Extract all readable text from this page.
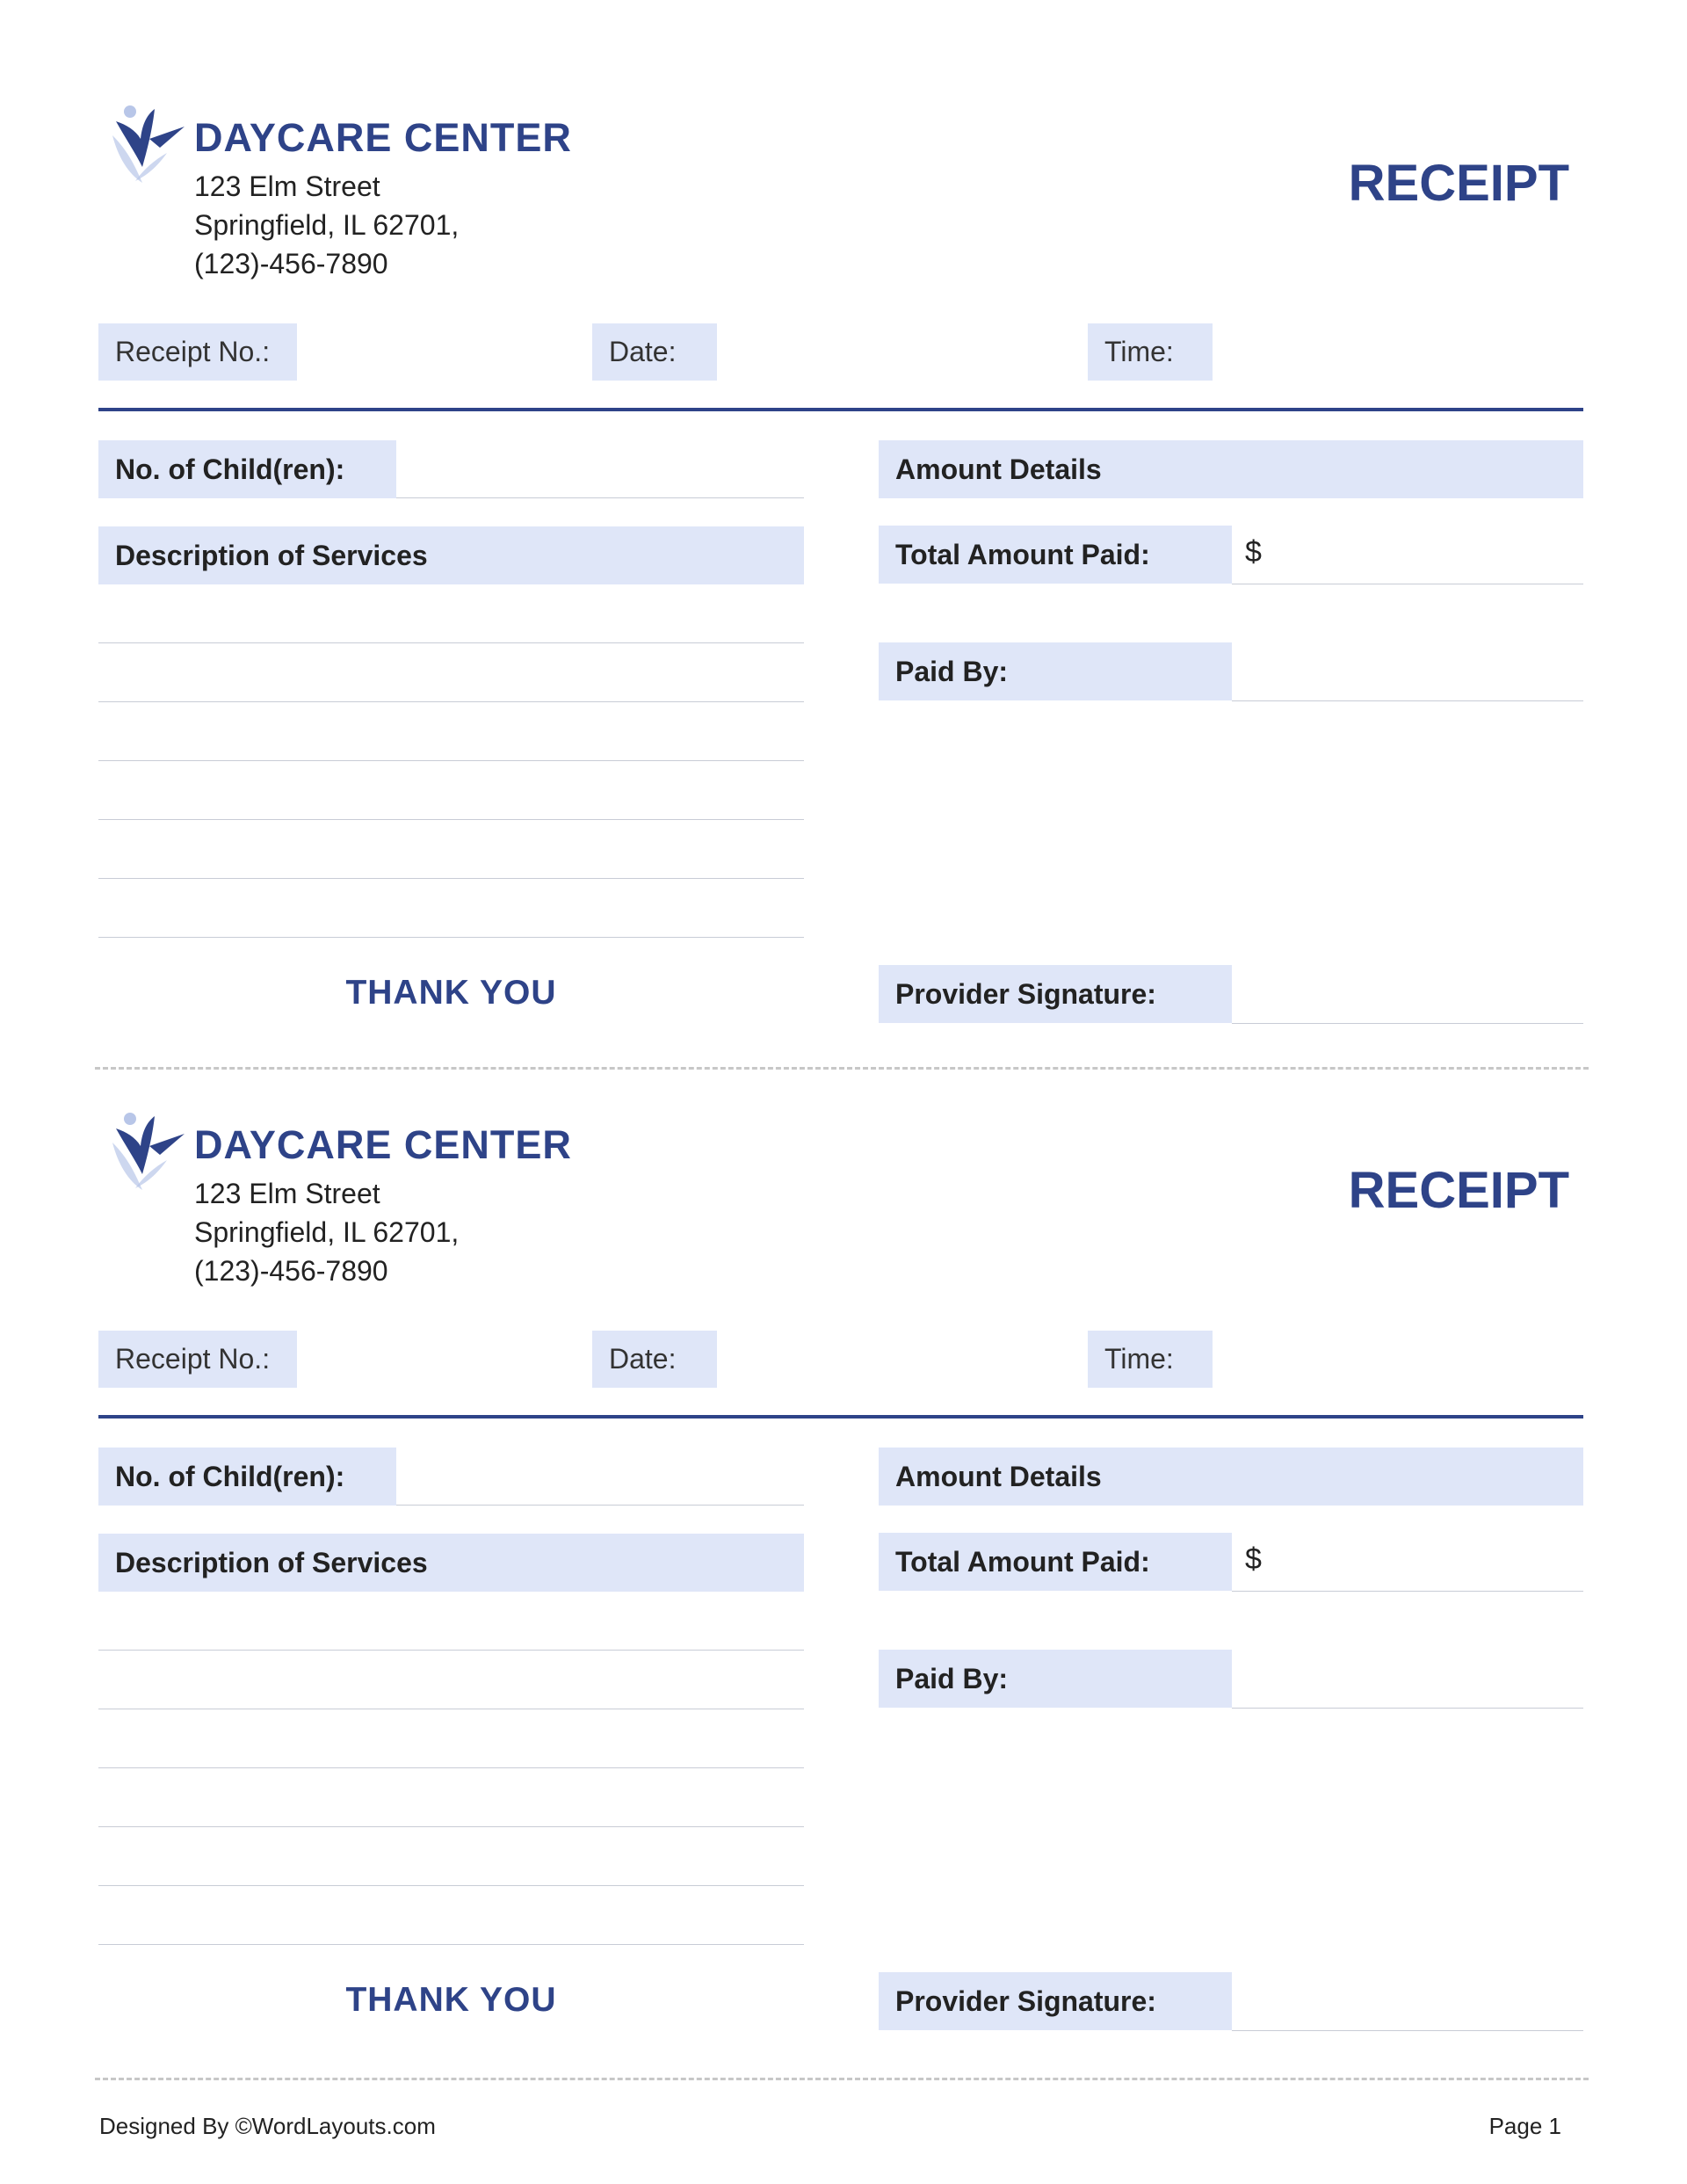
DAYCARE CENTER
123 Elm Street
Springfield, IL 62701,
(123)-456-7890
RECEIPT
Receipt No.:	Date:	Time:
No. of Child(ren):
Description of Services
THANK YOU
Amount Details
Total Amount Paid:	$
Paid By:
Provider Signature:
DAYCARE CENTER
123 Elm Street
Springfield, IL 62701,
(123)-456-7890
RECEIPT
Receipt No.:	Date:	Time:
No. of Child(ren):
Description of Services
THANK YOU
Amount Details
Total Amount Paid:	$
Paid By:
Provider Signature:
Designed By ©WordLayouts.com	Page 1
